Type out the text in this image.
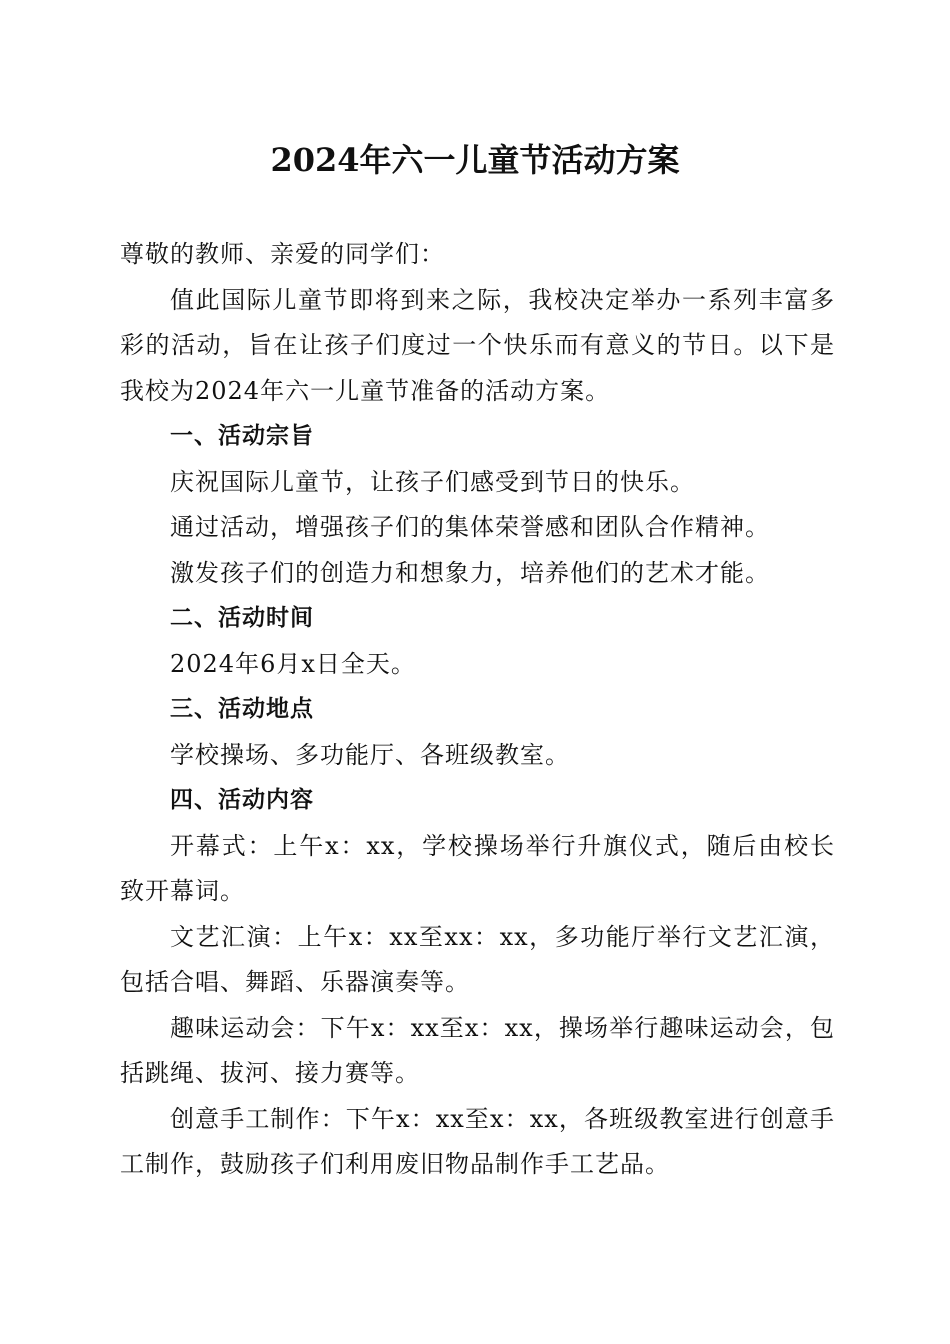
2024年六一儿童节活动方案

尊敬的教师、亲爱的同学们：

值此国际儿童节即将到来之际，我校决定举办一系列丰富多彩的活动，旨在让孩子们度过一个快乐而有意义的节日。以下是我校为2024年六一儿童节准备的活动方案。

一、活动宗旨

庆祝国际儿童节，让孩子们感受到节日的快乐。

通过活动，增强孩子们的集体荣誉感和团队合作精神。

激发孩子们的创造力和想象力，培养他们的艺术才能。

二、活动时间

2024年6月x日全天。

三、活动地点

学校操场、多功能厅、各班级教室。

四、活动内容

开幕式：上午x：xx，学校操场举行升旗仪式，随后由校长致开幕词。

文艺汇演：上午x：xx至xx：xx，多功能厅举行文艺汇演，包括合唱、舞蹈、乐器演奏等。

趣味运动会：下午x：xx至x：xx，操场举行趣味运动会，包括跳绳、拔河、接力赛等。

创意手工制作：下午x：xx至x：xx，各班级教室进行创意手工制作，鼓励孩子们利用废旧物品制作手工艺品。
